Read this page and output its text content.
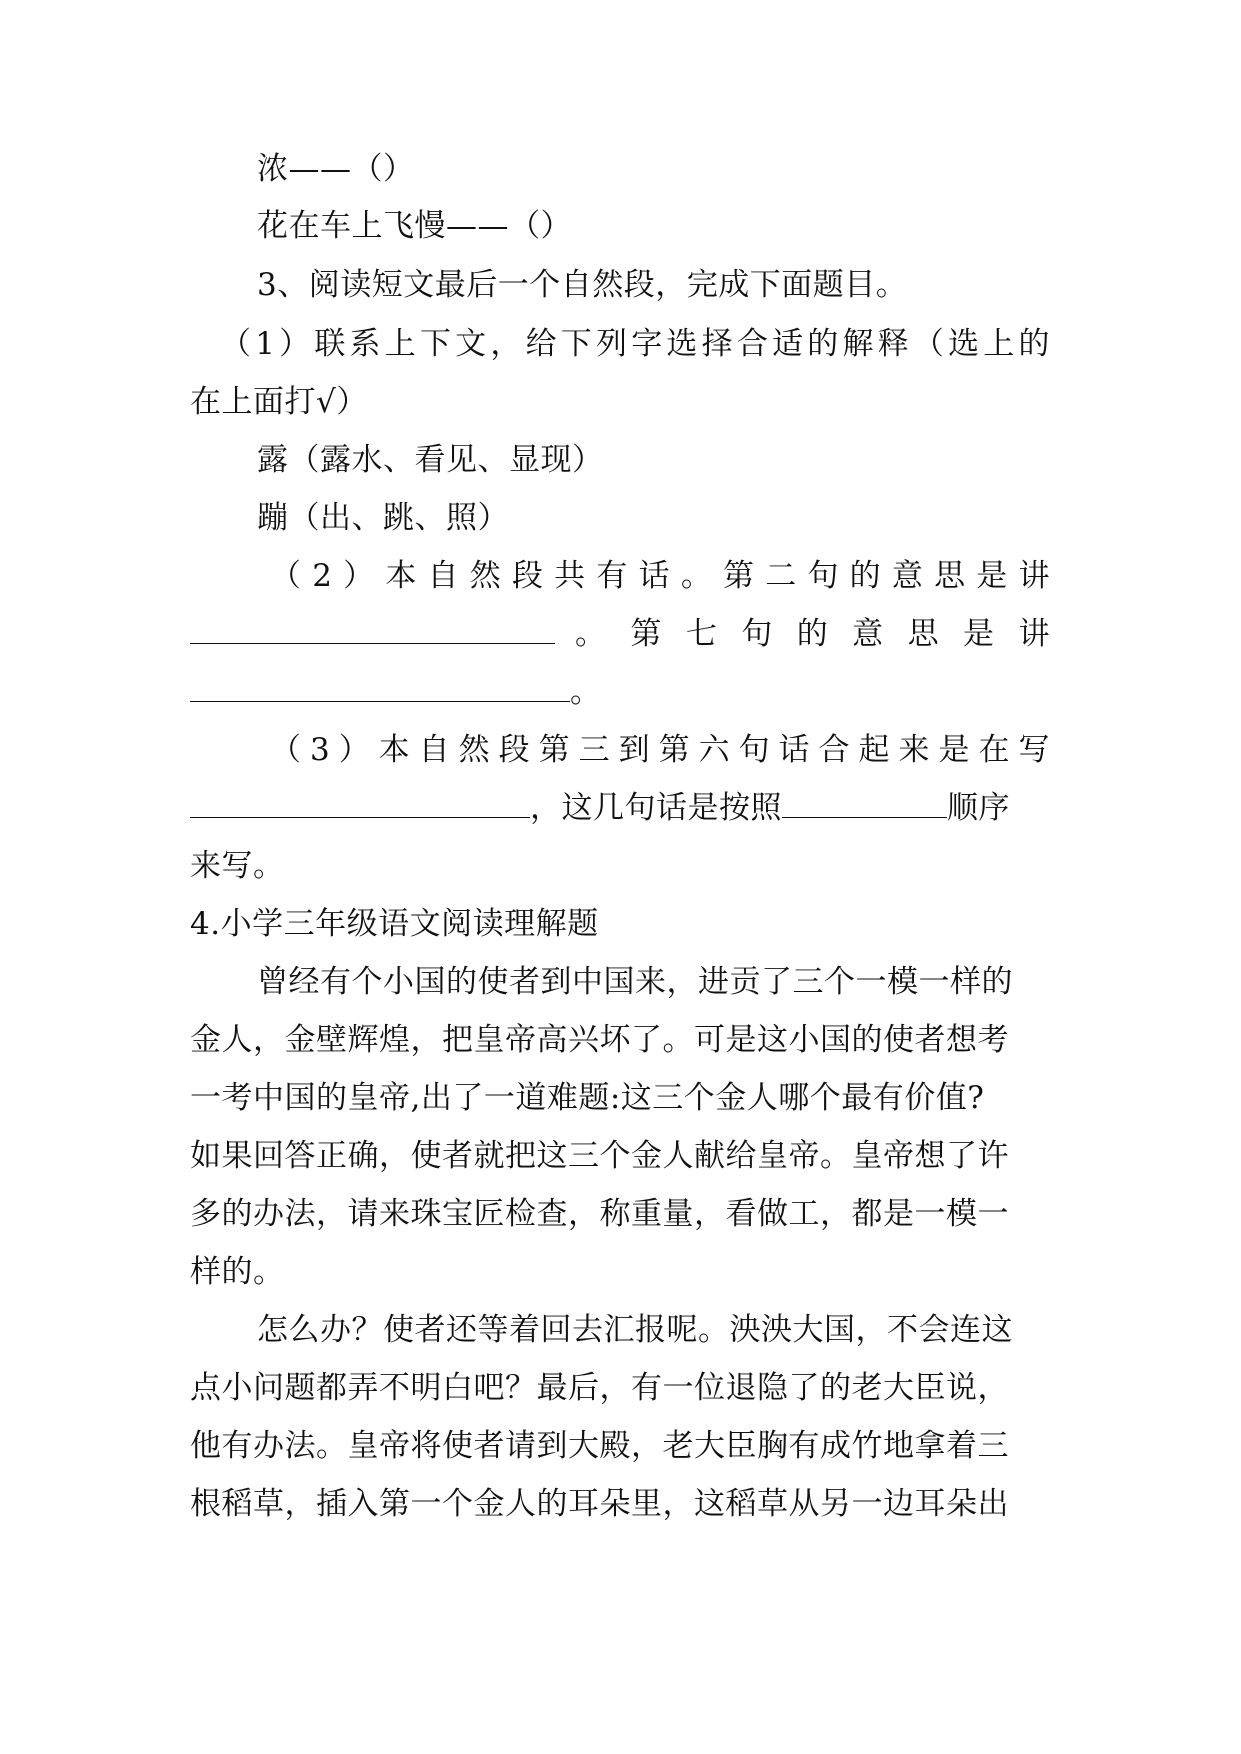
浓——（）
花在车上飞慢——（）
3、阅读短文最后一个自然段，完成下面题目。
（1）联系上下文，给下列字选择合适的解释（选上的
在上面打√）
露（露水、看见、显现）
蹦（出、跳、照）
（2）本自然段共有话。第二句的意思是讲
。第七句的意思是讲
。
（3）本自然段第三到第六句话合起来是在写
，这几句话是按照	顺序
来写。
4.小学三年级语文阅读理解题
曾经有个小国的使者到中国来，进贡了三个一模一样的
金人，金壁辉煌，把皇帝高兴坏了。可是这小国的使者想考
一考中国的皇帝,出了一道难题:这三个金人哪个最有价值?
如果回答正确，使者就把这三个金人献给皇帝。皇帝想了许
多的办法，请来珠宝匠检查，称重量，看做工，都是一模一
样的。
怎么办？使者还等着回去汇报呢。泱泱大国，不会连这
点小问题都弄不明白吧？最后，有一位退隐了的老大臣说，
他有办法。皇帝将使者请到大殿，老大臣胸有成竹地拿着三
根稻草，插入第一个金人的耳朵里，这稻草从另一边耳朵出
